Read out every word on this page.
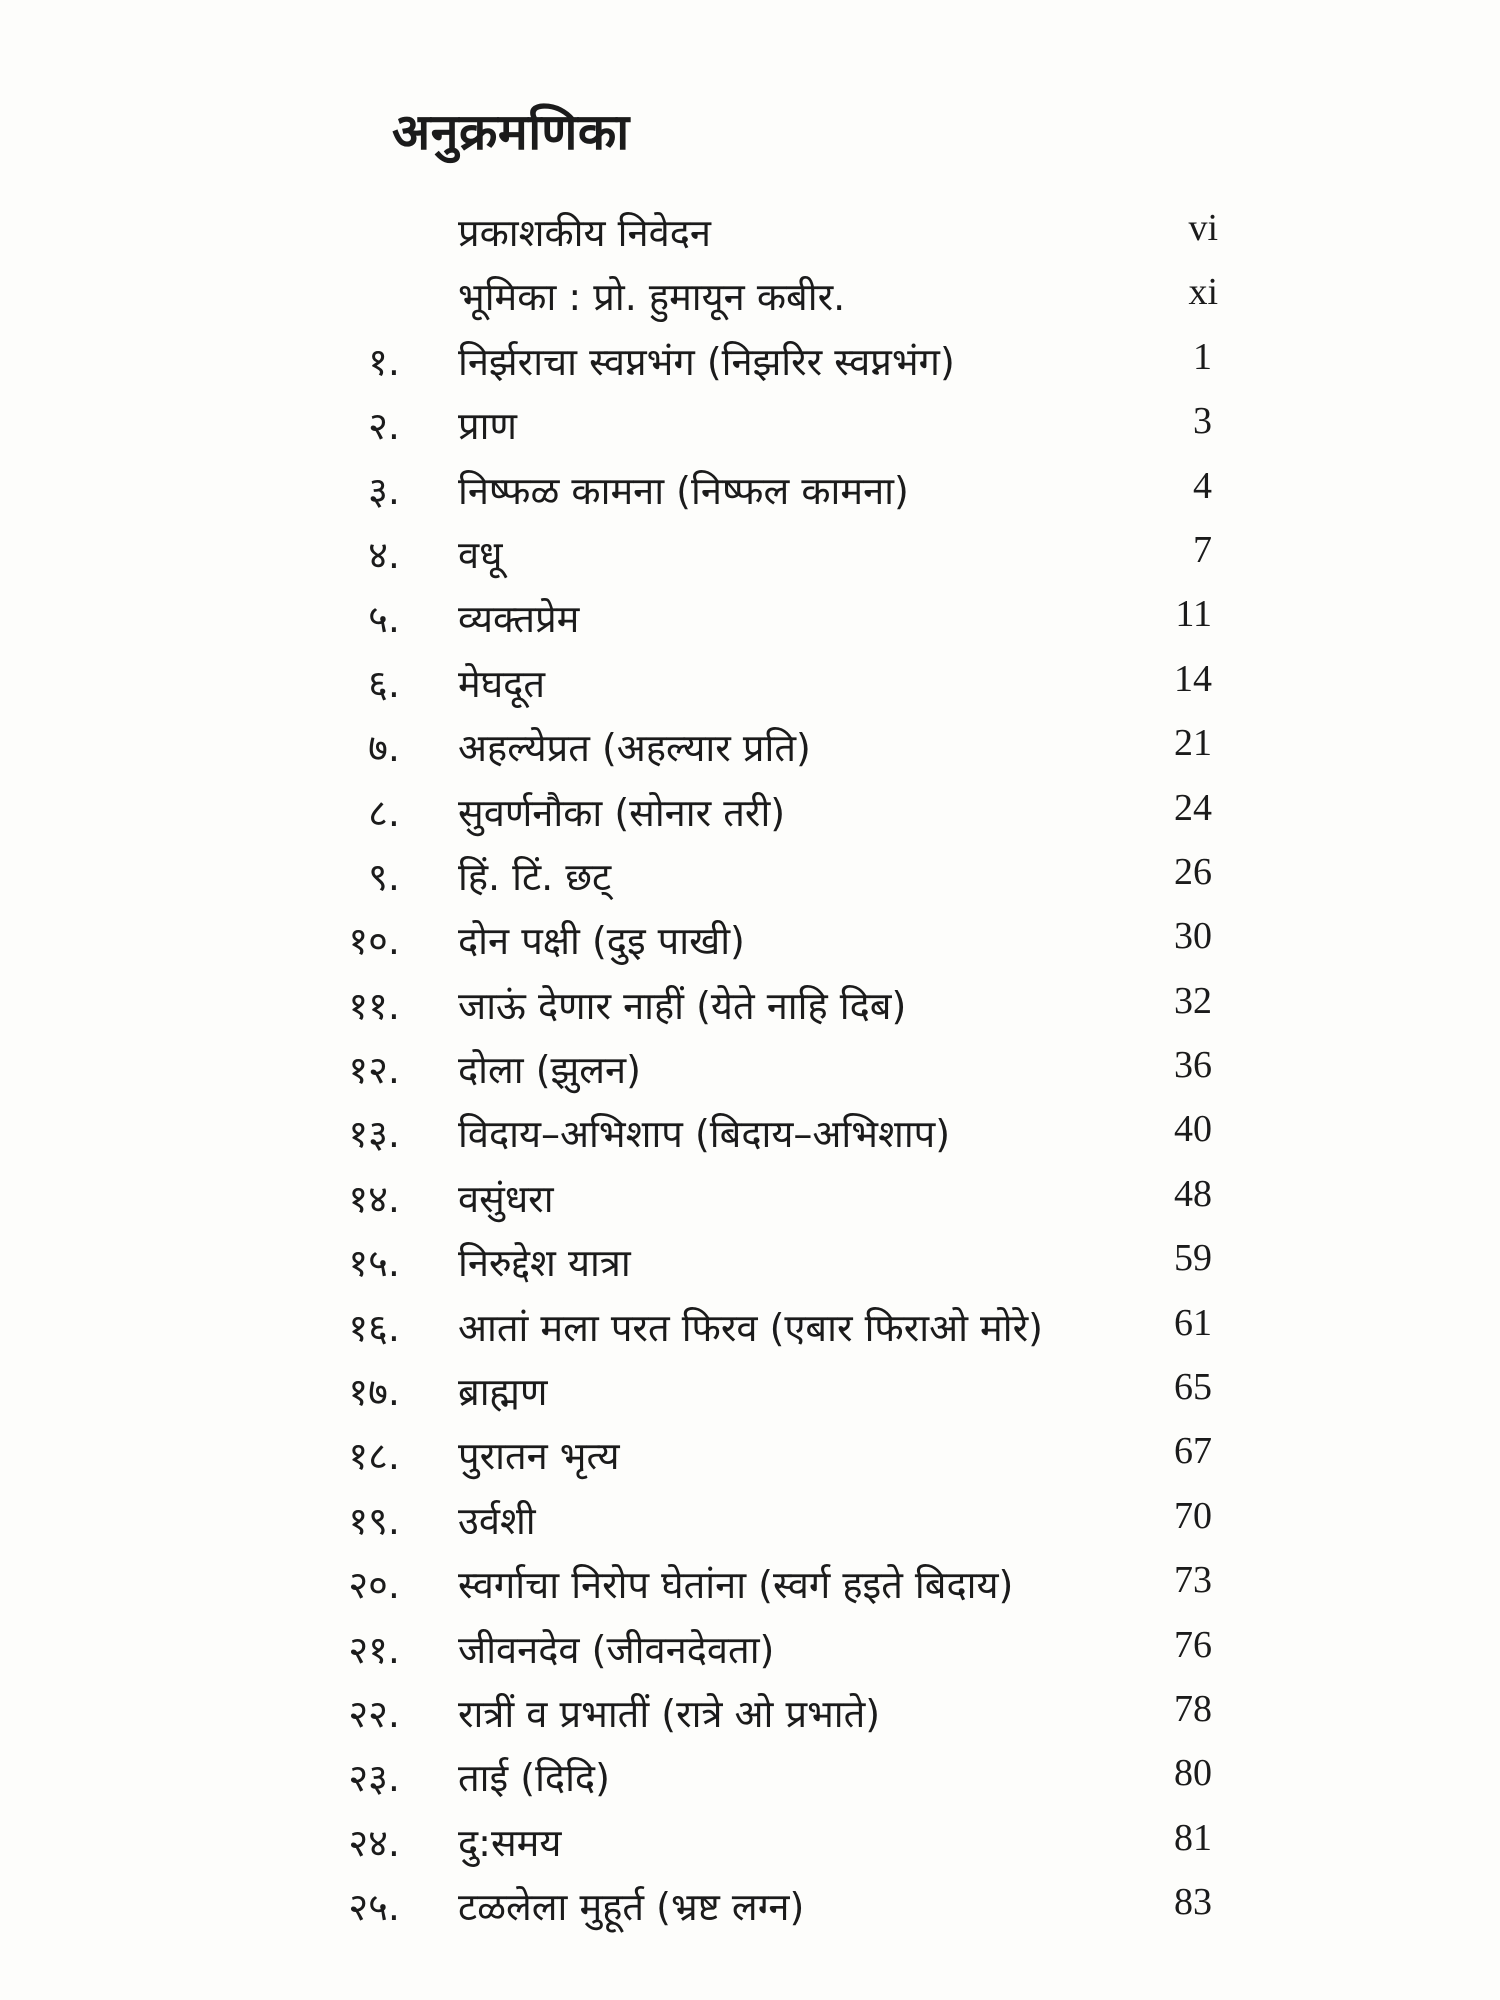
अनुक्रमणिका
प्रकाशकीय निवेदन	vi
भूमिका : प्रो. हुमायून कबीर.	xi
१. निर्झराचा स्वप्नभंग (निझरिर स्वप्नभंग)	1
२. प्राण	3
३. निष्फळ कामना (निष्फल कामना)	4
४. वधू	7
५. व्यक्तप्रेम	11
६. मेघदूत	14
७. अहल्येप्रत (अहल्यार प्रति)	21
८. सुवर्णनौका (सोनार तरी)	24
९. हिं. टिं. छट्	26
१०. दोन पक्षी (दुइ पाखी)	30
११. जाऊं देणार नाहीं (येते नाहि दिब)	32
१२. दोला (झुलन)	36
१३. विदाय–अभिशाप (बिदाय–अभिशाप)	40
१४. वसुंधरा	48
१५. निरुद्देश यात्रा	59
१६. आतां मला परत फिरव (एबार फिराओ मोरे)	61
१७. ब्राह्मण	65
१८. पुरातन भृत्य	67
१९. उर्वशी	70
२०. स्वर्गाचा निरोप घेतांना (स्वर्ग हइते बिदाय)	73
२१. जीवनदेव (जीवनदेवता)	76
२२. रात्रीं व प्रभातीं (रात्रे ओ प्रभाते)	78
२३. ताई (दिदि)	80
२४. दु:समय	81
२५. टळलेला मुहूर्त (भ्रष्ट लग्न)	83
